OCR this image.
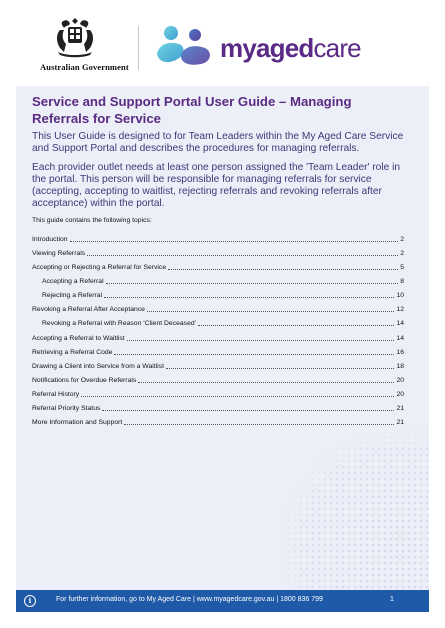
Australian Government
myagedcare
Service and Support Portal User Guide – Managing Referrals for Service

This User Guide is designed to for Team Leaders within the My Aged Care Service and Support Portal and describes the procedures for managing referrals.

Each provider outlet needs at least one person assigned the 'Team Leader' role in the portal. This person will be responsible for managing referrals for service (accepting, accepting to waitlist, rejecting referrals and revoking referrals after acceptance) within the portal.

This guide contains the following topics:
Introduction	2
Viewing Referrals	2
Accepting or Rejecting a Referral for Service	5
Accepting a Referral	8
Rejecting a Referral	10
Revoking a Referral After Acceptance	12
Revoking a Referral with Reason ‘Client Deceased’	14
Accepting a Referral to Waitlist	14
Retrieving a Referral Code	16
Drawing a Client into Service from a Waitlist	18
Notifications for Overdue Referrals	20
Referral History	20
Referral Priority Status	21
More Information and Support	21
i	For further information, go to My Aged Care | www.myagedcare.gov.au | 1800 836 799	1
